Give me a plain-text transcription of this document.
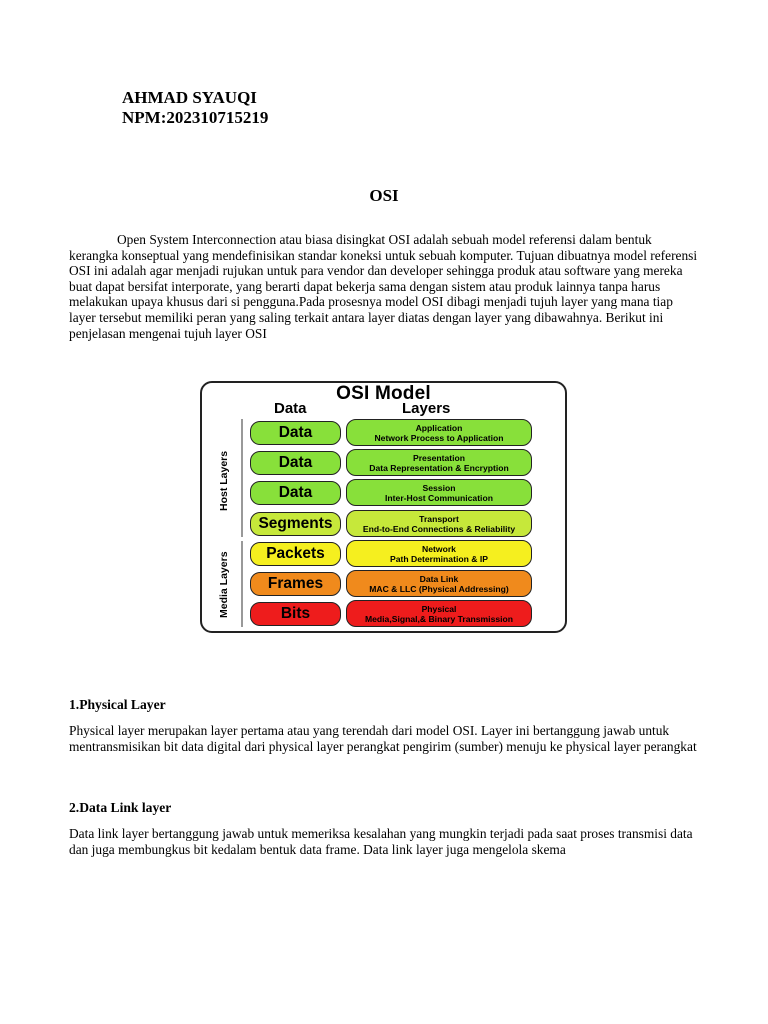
AHMAD SYAUQI
NPM:202310715219
OSI
Open System Interconnection atau biasa disingkat OSI adalah sebuah model referensi dalam bentuk kerangka konseptual yang mendefinisikan standar koneksi untuk sebuah komputer. Tujuan dibuatnya model referensi OSI ini adalah agar menjadi rujukan untuk para vendor dan developer sehingga produk atau software yang mereka buat dapat bersifat interporate, yang berarti dapat bekerja sama dengan sistem atau produk lainnya tanpa harus melakukan upaya khusus dari si pengguna.Pada prosesnya model OSI dibagi menjadi tujuh layer yang mana tiap layer tersebut memiliki peran yang saling terkait antara layer diatas dengan layer yang dibawahnya. Berikut ini penjelasan mengenai tujuh layer OSI
OSI Model
Data	Layers
Host Layers
Media Layers
Data	Application
Network Process to Application
Data	Presentation
Data Representation & Encryption
Data	Session
Inter-Host Communication
Segments	Transport
End-to-End Connections & Reliability
Packets	Network
Path Determination & IP
Frames	Data Link
MAC & LLC (Physical Addressing)
Bits	Physical
Media,Signal,& Binary Transmission
1.Physical Layer
Physical layer merupakan layer pertama atau yang terendah dari model OSI. Layer ini bertanggung jawab untuk mentransmisikan bit data digital dari physical layer perangkat pengirim (sumber) menuju ke physical layer perangkat
2.Data Link layer
Data link layer bertanggung jawab untuk memeriksa kesalahan yang mungkin terjadi pada saat proses transmisi data dan juga membungkus bit kedalam bentuk data frame. Data link layer juga mengelola skema
